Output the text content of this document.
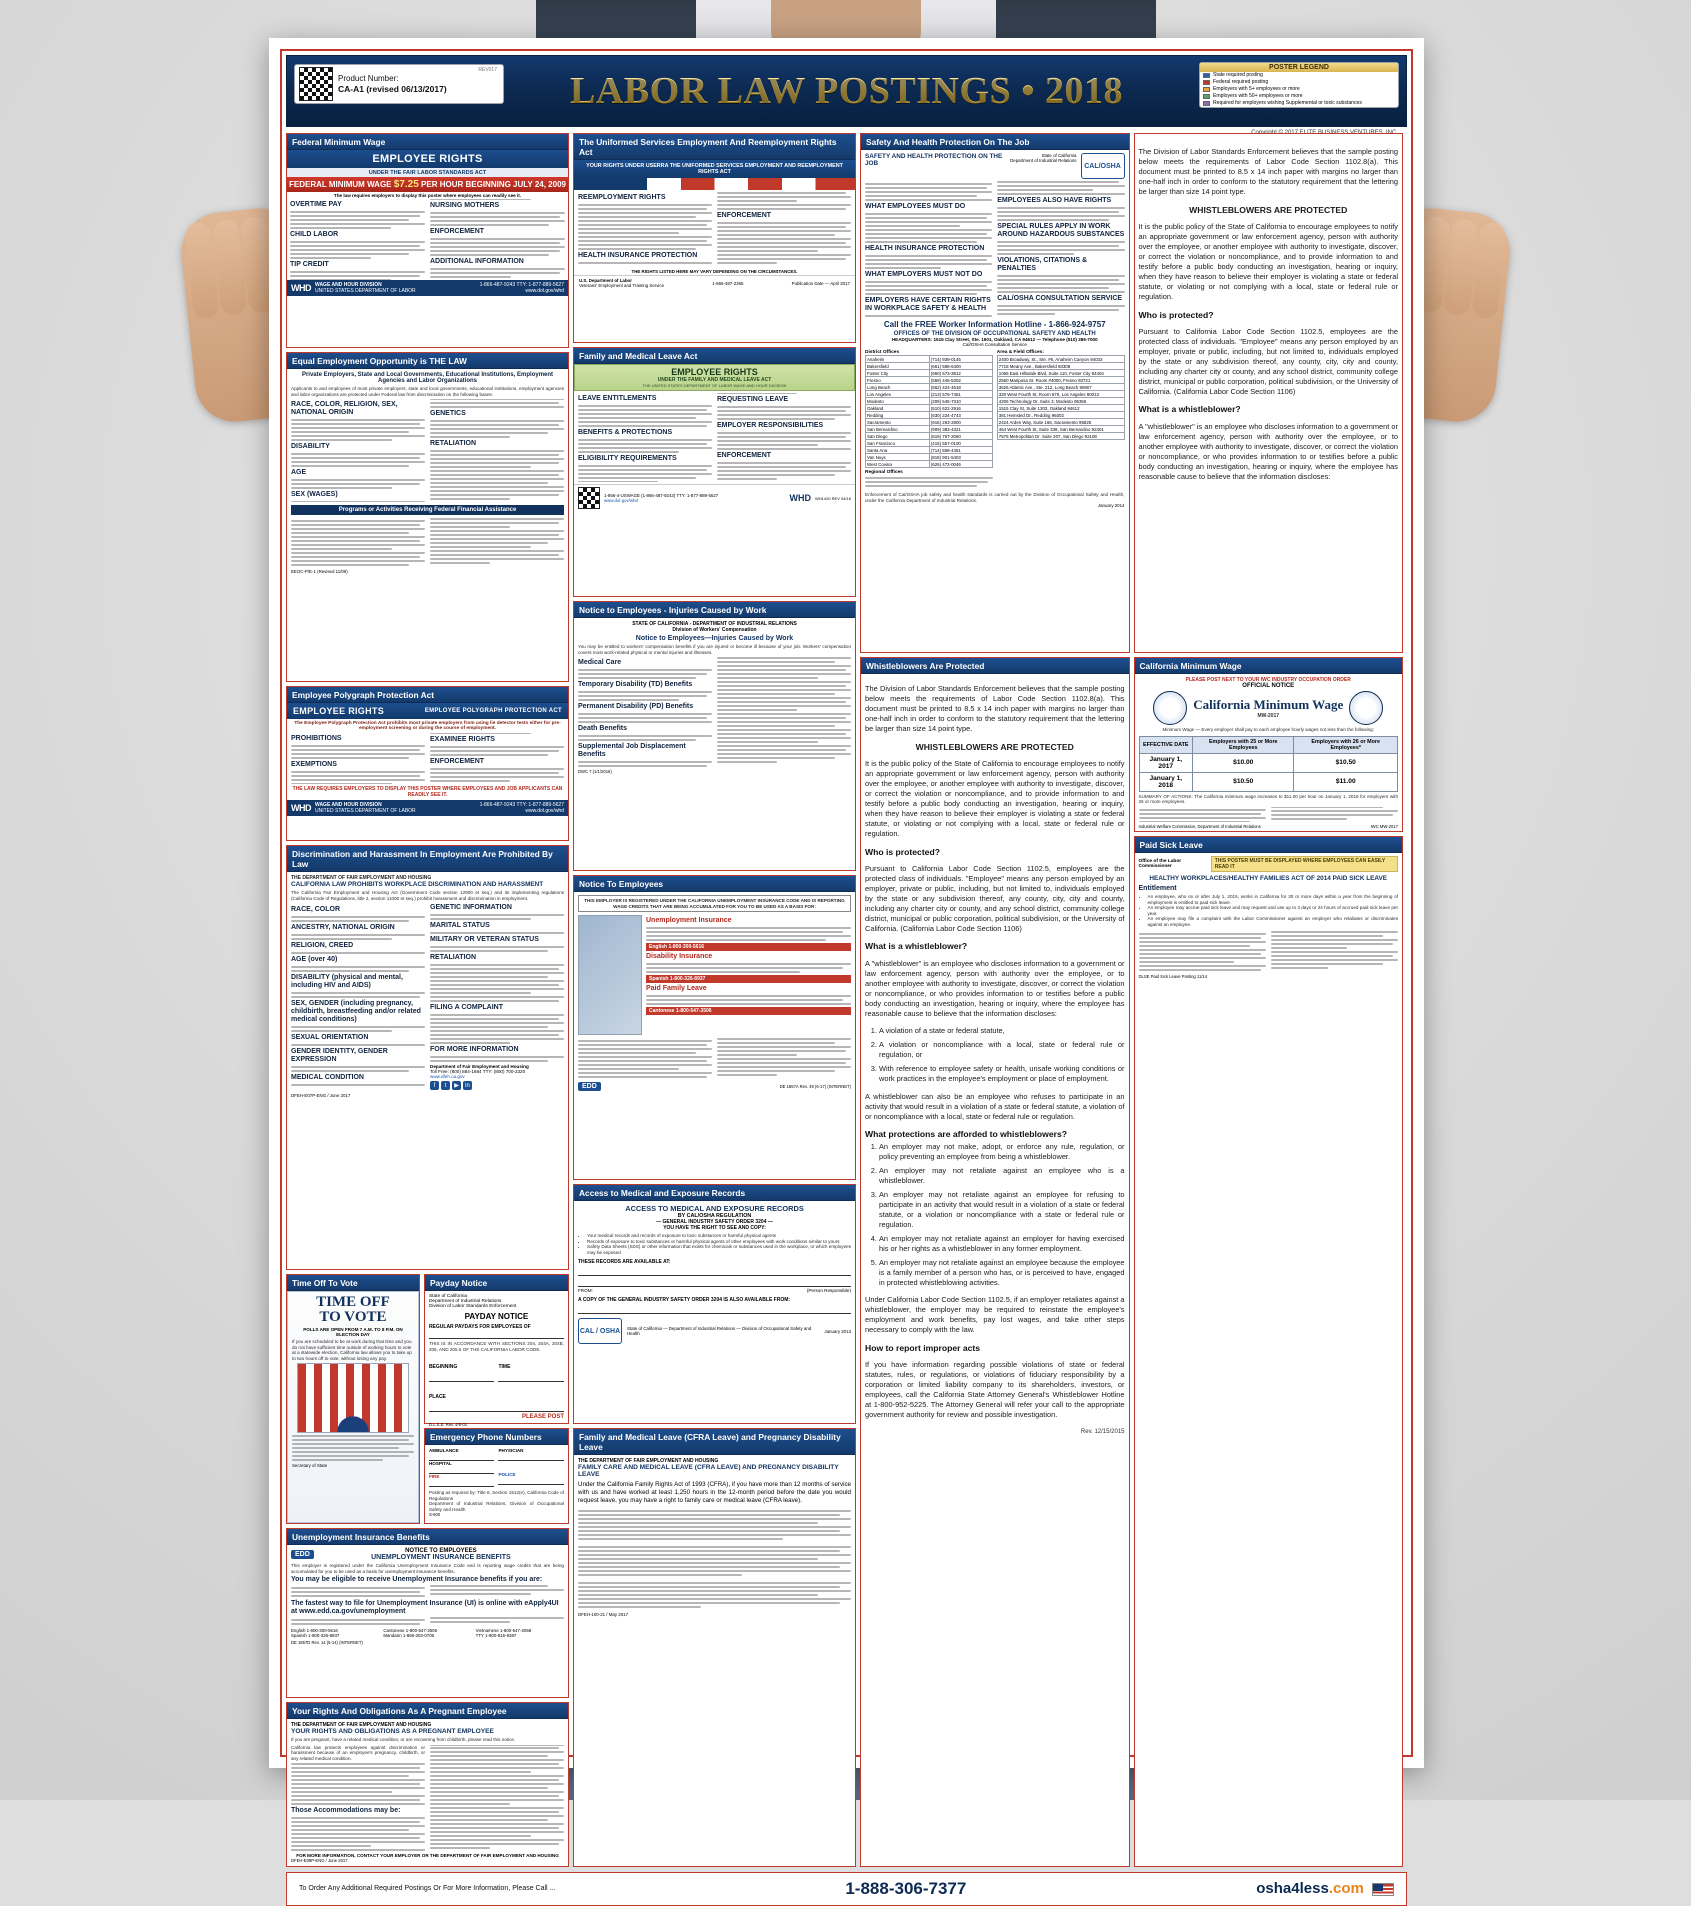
Product Number:
CA-A1 (revised 06/13/2017)
REV017 LABOR LAW POSTINGS • 2018
POSTER LEGEND
State required posting
Federal required posting
Employers with 5+ employees or more
Employers with 50+ employees or more
Required for employers wishing Supplemental or toxic substances
Federal Minimum Wage
EMPLOYEE RIGHTS
UNDER THE FAIR LABOR STANDARDS ACT
FEDERAL MINIMUM WAGE $7.25 PER HOUR BEGINNING JULY 24, 2009
The law requires employers to display this poster where employees can readily see it.
OVERTIME PAY
CHILD LABOR
TIP CREDIT
NURSING MOTHERS
ENFORCEMENT
ADDITIONAL INFORMATION
WHD WAGE AND HOUR DIVISION
UNITED STATES DEPARTMENT OF LABOR
1-866-487-9243 TTY: 1-877-889-5627
www.dol.gov/whd
Equal Employment Opportunity is THE LAW
Private Employers, State and Local Governments, Educational Institutions, Employment Agencies and Labor Organizations
Applicants to and employees of most private employers, state and local governments, educational institutions, employment agencies and labor organizations are protected under Federal law from discrimination on the following bases:
RACE, COLOR, RELIGION, SEX, NATIONAL ORIGIN
DISABILITY
AGE
SEX (WAGES)
GENETICS
RETALIATION
Programs or Activities Receiving Federal Financial Assistance
EEOC-P/E-1 (Revised 11/09)
Employee Polygraph Protection Act
EMPLOYEE RIGHTS	EMPLOYEE POLYGRAPH PROTECTION ACT
The Employee Polygraph Protection Act prohibits most private employers from using lie detector tests either for pre-employment screening or during the course of employment.
PROHIBITIONS
EXEMPTIONS
EXAMINEE RIGHTS
ENFORCEMENT
THE LAW REQUIRES EMPLOYERS TO DISPLAY THIS POSTER WHERE EMPLOYEES AND JOB APPLICANTS CAN READILY SEE IT.
WHD WAGE AND HOUR DIVISION
UNITED STATES DEPARTMENT OF LABOR
1-866-487-9243 TTY: 1-877-889-5627
www.dol.gov/whd
Discrimination and Harassment In Employment Are Prohibited By Law
THE DEPARTMENT OF FAIR EMPLOYMENT AND HOUSING
CALIFORNIA LAW PROHIBITS WORKPLACE DISCRIMINATION AND HARASSMENT
The California Fair Employment and Housing Act (Government Code section 12900 et seq.) and its implementing regulations (California Code of Regulations, title 2, section 11000 et seq.) prohibit harassment and discrimination in employment.
RACE, COLOR
ANCESTRY, NATIONAL ORIGIN
RELIGION, CREED
AGE (over 40)
DISABILITY (physical and mental, including HIV and AIDS)
SEX, GENDER (including pregnancy, childbirth, breastfeeding and/or related medical conditions)
SEXUAL ORIENTATION
GENDER IDENTITY, GENDER EXPRESSION
MEDICAL CONDITION
GENETIC INFORMATION
MARITAL STATUS
MILITARY OR VETERAN STATUS
RETALIATION
FILING A COMPLAINT
FOR MORE INFORMATION
Department of Fair Employment and Housing
Toll Free: (800) 884-1684 TTY: (800) 700-2320
www.dfeh.ca.gov
f	t	▶	in
DFEH-E07P-ENG / June 2017
Time Off To Vote
TIME OFF
TO VOTE
POLLS ARE OPEN FROM 7 A.M. TO 8 P.M. ON ELECTION DAY
If you are scheduled to be at work during that time and you do not have sufficient time outside of working hours to vote at a statewide election, California law allows you to take up to two hours off to vote, without losing any pay.
Secretary of State
Payday Notice
State of California
Department of Industrial Relations
Division of Labor Standards Enforcement
PAYDAY NOTICE
REGULAR PAYDAYS FOR EMPLOYEES OF
THIS IS IN ACCORDANCE WITH SECTIONS 204, 204A, 204B, 205, AND 205.5 OF THE CALIFORNIA LABOR CODE.
BEGINNING	TIME
PLACE
PLEASE POST
D.L.S.E. Rev. 4/6-02
Emergency Phone Numbers
AMBULANCE
HOSPITAL
FIRE
PHYSICIAN
POLICE
Posting as required by: Title 8, Section 1512(e), California Code of Regulations
Department of Industrial Relations, Division of Occupational Safety and Health
S-500
Unemployment Insurance Benefits
EDD	NOTICE TO EMPLOYEES
UNEMPLOYMENT INSURANCE BENEFITS
This employer is registered under the California Unemployment Insurance Code and is reporting wage credits that are being accumulated for you to be used as a basis for unemployment insurance benefits.
You may be eligible to receive Unemployment Insurance benefits if you are:
The fastest way to file for Unemployment Insurance (UI) is online with eApply4UI at www.edd.ca.gov/unemployment
English 1-800-300-5616
Spanish 1-800-326-8937
Cantonese 1-800-547-3506
Mandarin 1-866-303-0706
Vietnamese 1-800-547-2058
TTY 1-800-815-9387
DE 1857D Rev. 14 (5-14) (INTERNET)
Your Rights And Obligations As A Pregnant Employee
THE DEPARTMENT OF FAIR EMPLOYMENT AND HOUSING
YOUR RIGHTS AND OBLIGATIONS AS A PREGNANT EMPLOYEE
If you are pregnant, have a related medical condition, or are recovering from childbirth, please read this notice.
California law protects employees against discrimination or harassment because of an employee's pregnancy, childbirth, or any related medical condition.
Those Accommodations may be:
FOR MORE INFORMATION, CONTACT YOUR EMPLOYER OR THE DEPARTMENT OF FAIR EMPLOYMENT AND HOUSING
DFEH-E09P-ENG / June 2017
The Uniformed Services Employment And Reemployment Rights Act
YOUR RIGHTS UNDER USERRA THE UNIFORMED SERVICES EMPLOYMENT AND REEMPLOYMENT RIGHTS ACT
REEMPLOYMENT RIGHTS
HEALTH INSURANCE PROTECTION
ENFORCEMENT
THE RIGHTS LISTED HERE MAY VARY DEPENDING ON THE CIRCUMSTANCES.
U.S. Department of Labor
Veterans' Employment and Training Service	1-866-487-2365	Publication Date — April 2017
Family and Medical Leave Act
EMPLOYEE RIGHTS
UNDER THE FAMILY AND MEDICAL LEAVE ACT
THE UNITED STATES DEPARTMENT OF LABOR WAGE AND HOUR DIVISION
LEAVE ENTITLEMENTS
BENEFITS & PROTECTIONS
ELIGIBILITY REQUIREMENTS
REQUESTING LEAVE
EMPLOYER RESPONSIBILITIES
ENFORCEMENT
1-866-4-USWAGE (1-866-487-9243) TTY: 1-877-889-5627
www.dol.gov/whd	WHD WH1420 REV 04/16
Notice to Employees - Injuries Caused by Work
STATE OF CALIFORNIA - DEPARTMENT OF INDUSTRIAL RELATIONS
Division of Workers' Compensation
Notice to Employees—Injuries Caused by Work
You may be entitled to workers' compensation benefits if you are injured or become ill because of your job. Workers' compensation covers most work-related physical or mental injuries and illnesses.
Medical Care
Temporary Disability (TD) Benefits
Permanent Disability (PD) Benefits
Death Benefits
Supplemental Job Displacement Benefits
DWC 7 (1/1/2016)
Notice To Employees
THIS EMPLOYER IS REGISTERED UNDER THE CALIFORNIA UNEMPLOYMENT INSURANCE CODE AND IS REPORTING WAGE CREDITS THAT ARE BEING ACCUMULATED FOR YOU TO BE USED AS A BASIS FOR:
Unemployment Insurance
English 1-800-300-5616
Disability Insurance
Spanish 1-800-326-8937
Paid Family Leave
Cantonese 1-800-547-3506
EDD	DE 1857A Rev. 49 (6-17) (INTERNET)
Access to Medical and Exposure Records
ACCESS TO MEDICAL AND EXPOSURE RECORDS
BY CAL/OSHA REGULATION
— GENERAL INDUSTRY SAFETY ORDER 3204 —
YOU HAVE THE RIGHT TO SEE AND COPY:
• Your medical records and records of exposure to toxic substances or harmful physical agents
• Records of exposure to toxic substances or harmful physical agents of other employees with work conditions similar to yours
• Safety Data Sheets (SDS) or other information that exists for chemicals or substances used in the workplace, or which employees may be exposed
THESE RECORDS ARE AVAILABLE AT:
FROM:	(Person Responsible)
A COPY OF THE GENERAL INDUSTRY SAFETY ORDER 3204 IS ALSO AVAILABLE FROM:
CAL / OSHA State of California — Department of Industrial Relations — Division of Occupational Safety and Health	January 2013
Family and Medical Leave (CFRA Leave) and Pregnancy Disability Leave
THE DEPARTMENT OF FAIR EMPLOYMENT AND HOUSING
FAMILY CARE AND MEDICAL LEAVE (CFRA LEAVE) AND PREGNANCY DISABILITY LEAVE
Under the California Family Rights Act of 1993 (CFRA), if you have more than 12 months of service with us and have worked at least 1,250 hours in the 12-month period before the date you would request leave, you may have a right to family care or medical leave (CFRA leave).
DFEH-100-21 / May 2017
Safety And Health Protection On The Job
SAFETY AND HEALTH PROTECTION ON THE JOB
State of California
Department of Industrial Relations
CAL/OSHA
WHAT EMPLOYEES MUST DO
HEALTH INSURANCE PROTECTION
WHAT EMPLOYERS MUST NOT DO
EMPLOYERS HAVE CERTAIN RIGHTS IN WORKPLACE SAFETY & HEALTH
EMPLOYEES ALSO HAVE RIGHTS
SPECIAL RULES APPLY IN WORK AROUND HAZARDOUS SUBSTANCES
VIOLATIONS, CITATIONS & PENALTIES
CAL/OSHA CONSULTATION SERVICE
Call the FREE Worker Information Hotline - 1-866-924-9757
OFFICES OF THE DIVISION OF OCCUPATIONAL SAFETY AND HEALTH
HEADQUARTERS: 1515 Clay Street, Ste. 1901, Oakland, CA 94612 — Telephone (510) 286-7000
Cal/OSHA Consultation Service
District Offices
Anaheim	(714) 939-0145
Bakersfield	(661) 588-6400
Foster City	(650) 573-3812
Fresno	(559) 445-5302
Long Beach	(562) 424-4618
Los Angeles	(213) 576-7451
Modesto	(209) 545-7310
Oakland	(510) 622-2916
Redding	(530) 224-4743
Sacramento	(916) 263-2800
San Bernardino	(909) 383-4321
San Diego	(619) 767-2060
San Francisco	(415) 557-0100
Santa Ana	(714) 558-4451
Van Nuys	(818) 901-5403
West Covina	(626) 472-0046
Regional Offices
Area & Field Offices:
2400 Broadway, St., Ste. #6, Anaheim Canyon 94033
7718 Meany Ave., Bakersfield 93308
1065 East Hillsdale Blvd, Suite 110, Foster City 94404
2550 Mariposa St. Room #4000, Fresno 93721
3626 Atlantic Ave., Ste. 212, Long Beach 90807
320 West Fourth St, Room 670, Los Angeles 90013
4206 Technology Dr. Suite 3, Modesto 95356
1515 Clay St, Suite 1303, Oakland 94612
381 Hemsted Dr., Redding 96002
2424 Arden Way, Suite 165, Sacramento 95825
464 West Fourth St, Suite 339, San Bernardino 92401
7575 Metropolitan Dr. Suite 207, San Diego 92108
Enforcement of Cal/OSHA job safety and health standards is carried out by the Division of Occupational Safety and Health, under the California Department of Industrial Relations.
January 2014
Whistleblowers Are Protected

The Division of Labor Standards Enforcement believes that the sample posting below meets the requirements of Labor Code Section 1102.8(a). This document must be printed to 8.5 x 14 inch paper with margins no larger than one-half inch in order to conform to the statutory requirement that the lettering be larger than size 14 point type.

WHISTLEBLOWERS ARE PROTECTED

It is the public policy of the State of California to encourage employees to notify an appropriate government or law enforcement agency, person with authority over the employee, or another employee with authority to investigate, discover, or correct the violation or noncompliance, and to provide information to and testify before a public body conducting an investigation, hearing or inquiry, when they have reason to believe their employer is violating a state or federal statute, or violating or not complying with a local, state or federal rule or regulation.

Who is protected?

Pursuant to California Labor Code Section 1102.5, employees are the protected class of individuals. "Employee" means any person employed by an employer, private or public, including, but not limited to, individuals employed by the state or any subdivision thereof, any county, city, city and county, including any charter city or county, and any school district, community college district, municipal or public corporation, political subdivision, or the University of California. (California Labor Code Section 1106)

What is a whistleblower?

A "whistleblower" is an employee who discloses information to a government or law enforcement agency, person with authority over the employee, or to another employee with authority to investigate, discover, or correct the violation or noncompliance, or who provides information to or testifies before a public body conducting an investigation, hearing or inquiry, where the employee has reasonable cause to believe that the information discloses:

1. A violation of a state or federal statute,
2. A violation or noncompliance with a local, state or federal rule or regulation, or
3. With reference to employee safety or health, unsafe working conditions or work practices in the employee's employment or place of employment.

A whistleblower can also be an employee who refuses to participate in an activity that would result in a violation of a state or federal statute, a violation of or noncompliance with a local, state or federal rule or regulation.

What protections are afforded to whistleblowers?
1. An employer may not make, adopt, or enforce any rule, regulation, or policy preventing an employee from being a whistleblower.
2. An employer may not retaliate against an employee who is a whistleblower.
3. An employer may not retaliate against an employee for refusing to participate in an activity that would result in a violation of a state or federal statute, or a violation or noncompliance with a state or federal rule or regulation.
4. An employer may not retaliate against an employer for having exercised his or her rights as a whistleblower in any former employment.
5. An employer may not retaliate against an employee because the employee is a family member of a person who has, or is perceived to have, engaged in protected whistleblowing activities.

Under California Labor Code Section 1102.5, if an employer retaliates against a whistleblower, the employer may be required to reinstate the employee's employment and work benefits, pay lost wages, and take other steps necessary to comply with the law.

How to report improper acts

If you have information regarding possible violations of state or federal statutes, rules, or regulations, or violations of fiduciary responsibility by a corporation or limited liability company to its shareholders, investors, or employees, call the California State Attorney General's Whistleblower Hotline at 1-800-952-5225. The Attorney General will refer your call to the appropriate government authority for review and possible investigation.

Rev. 12/15/2015

The Division of Labor Standards Enforcement believes that the sample posting below meets the requirements of Labor Code Section 1102.8(a). This document must be printed to 8.5 x 14 inch paper with margins no larger than one-half inch in order to conform to the statutory requirement that the lettering be larger than size 14 point type.

WHISTLEBLOWERS ARE PROTECTED

It is the public policy of the State of California to encourage employees to notify an appropriate government or law enforcement agency, person with authority over the employee, or another employee with authority to investigate, discover, or correct the violation or noncompliance, and to provide information to and testify before a public body conducting an investigation, hearing or inquiry, when they have reason to believe their employer is violating a state or federal statute, or violating or not complying with a local, state or federal rule or regulation.

Who is protected?

Pursuant to California Labor Code Section 1102.5, employees are the protected class of individuals. "Employee" means any person employed by an employer, private or public, including, but not limited to, individuals employed by the state or any subdivision thereof, any county, city, city and county, including any charter city or county, and any school district, community college district, municipal or public corporation, political subdivision, or the University of California. (California Labor Code Section 1106)

What is a whistleblower?

A "whistleblower" is an employee who discloses information to a government or law enforcement agency, person with authority over the employee, or to another employee with authority to investigate, discover, or correct the violation or noncompliance, or who provides information to or testifies before a public body conducting an investigation, hearing or inquiry, where the employee has reasonable cause to believe that the information discloses:

California Minimum Wage
PLEASE POST NEXT TO YOUR IWC INDUSTRY OCCUPATION ORDER
OFFICIAL NOTICE
California Minimum Wage
MW-2017
Minimum Wage — Every employer shall pay to each employee hourly wages not less than the following:
EFFECTIVE DATE	Employers with 25 or More Employees	Employers with 26 or More Employees*
January 1, 2017	$10.00	$10.50
January 1, 2018	$10.50	$11.00
SUMMARY OF ACTIONS: The California minimum wage increases to $11.00 per hour on January 1, 2018 for employers with 26 or more employees.
Industrial Welfare Commission, Department of Industrial Relations	IWC MW-2017
Paid Sick Leave
Office of the Labor Commissioner
THIS POSTER MUST BE DISPLAYED WHERE EMPLOYEES CAN EASILY READ IT
HEALTHY WORKPLACES/HEALTHY FAMILIES ACT OF 2014 PAID SICK LEAVE
Entitlement
• An employee, who on or after July 1, 2015, works in California for 30 or more days within a year from the beginning of employment is entitled to paid sick leave.
• An employee may accrue paid sick leave and may request and use up to 3 days or 24 hours of accrued paid sick leave per year.
• An employee may file a complaint with the Labor Commissioner against an employer who retaliates or discriminates against an employee.
DLSE Paid Sick Leave Posting 11/14
To Order Any Additional Required Postings Or For More Information, Please Call ...	1-888-306-7377	osha4less.com
